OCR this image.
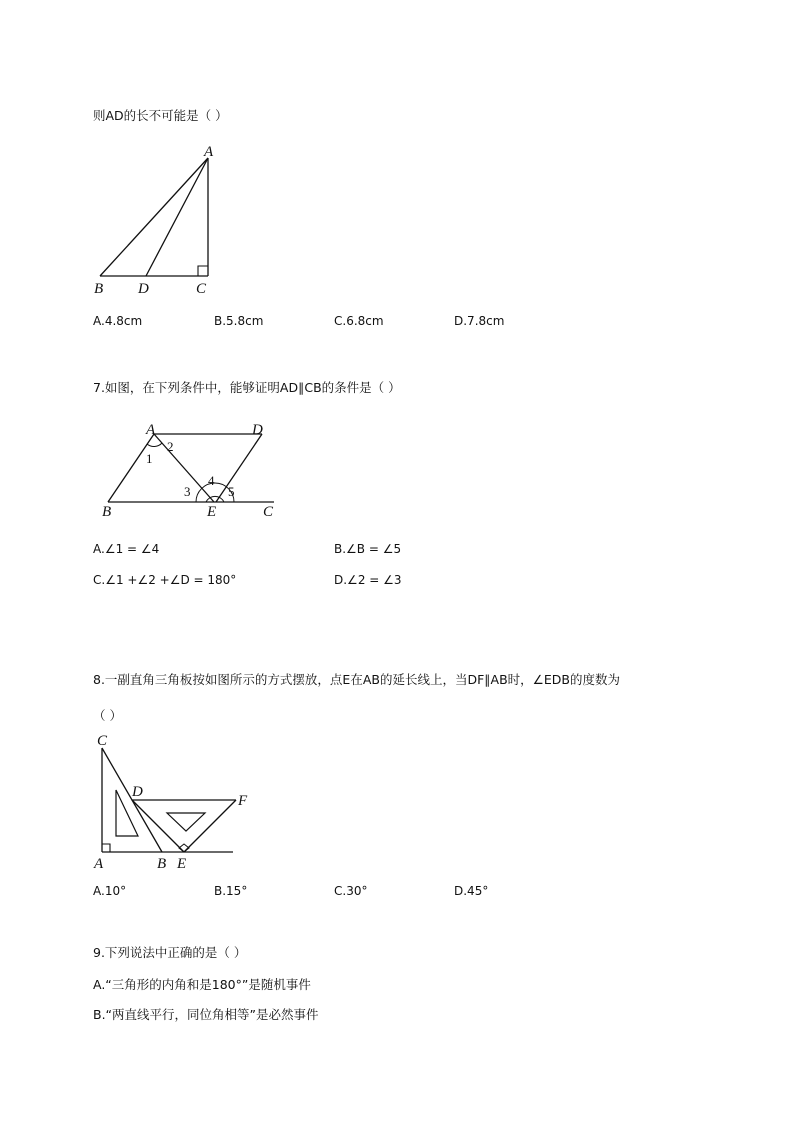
则AD的长不可能是（ ）
A
B D	C
A.4.8cm	B.5.8cm	C.6.8cm	D.7.8cm
7.如图，在下列条件中，能够证明AD∥CB的条件是（ ）
A	D
B	E	C
1
2
3
4
5
A.∠1 = ∠4	B.∠B = ∠5
C.∠1 +∠2 +∠D = 180°	D.∠2 = ∠3
8.一副直角三角板按如图所示的方式摆放，点E在AB的延长线上，当DF∥AB时，∠EDB的度数为
（ ）
C
D
F
A	B E
A.10°	B.15°	C.30°	D.45°
9.下列说法中正确的是（ ）
A.“三角形的内角和是180°”是随机事件
B.“两直线平行，同位角相等”是必然事件
